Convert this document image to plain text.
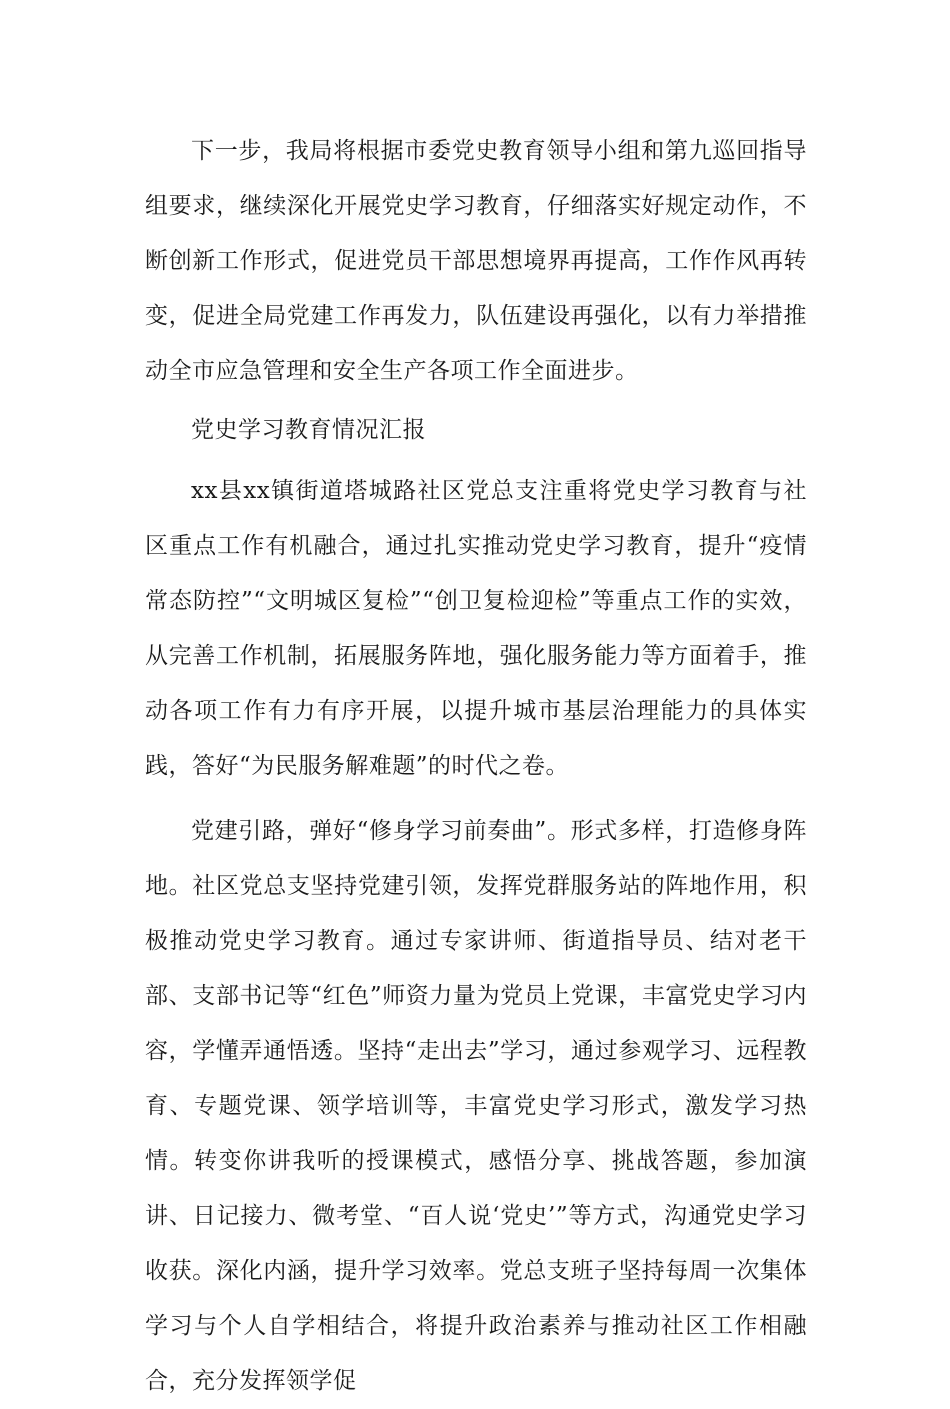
下一步，我局将根据市委党史教育领导小组和第九巡回指导组要求，继续深化开展党史学习教育，仔细落实好规定动作，不断创新工作形式，促进党员干部思想境界再提高，工作作风再转变，促进全局党建工作再发力，队伍建设再强化，以有力举措推动全市应急管理和安全生产各项工作全面进步。

党史学习教育情况汇报

xx县xx镇街道塔城路社区党总支注重将党史学习教育与社区重点工作有机融合，通过扎实推动党史学习教育，提升“疫情常态防控”“文明城区复检”“创卫复检迎检”等重点工作的实效，从完善工作机制，拓展服务阵地，强化服务能力等方面着手，推动各项工作有力有序开展，以提升城市基层治理能力的具体实践，答好“为民服务解难题”的时代之卷。

党建引路，弹好“修身学习前奏曲”。形式多样，打造修身阵地。社区党总支坚持党建引领，发挥党群服务站的阵地作用，积极推动党史学习教育。通过专家讲师、街道指导员、结对老干部、支部书记等“红色”师资力量为党员上党课，丰富党史学习内容，学懂弄通悟透。坚持“走出去”学习，通过参观学习、远程教育、专题党课、领学培训等，丰富党史学习形式，激发学习热情。转变你讲我听的授课模式，感悟分享、挑战答题，参加演讲、日记接力、微考堂、“百人说‘党史’”等方式，沟通党史学习收获。深化内涵，提升学习效率。党总支班子坚持每周一次集体学习与个人自学相结合，将提升政治素养与推动社区工作相融合，充分发挥领学促
